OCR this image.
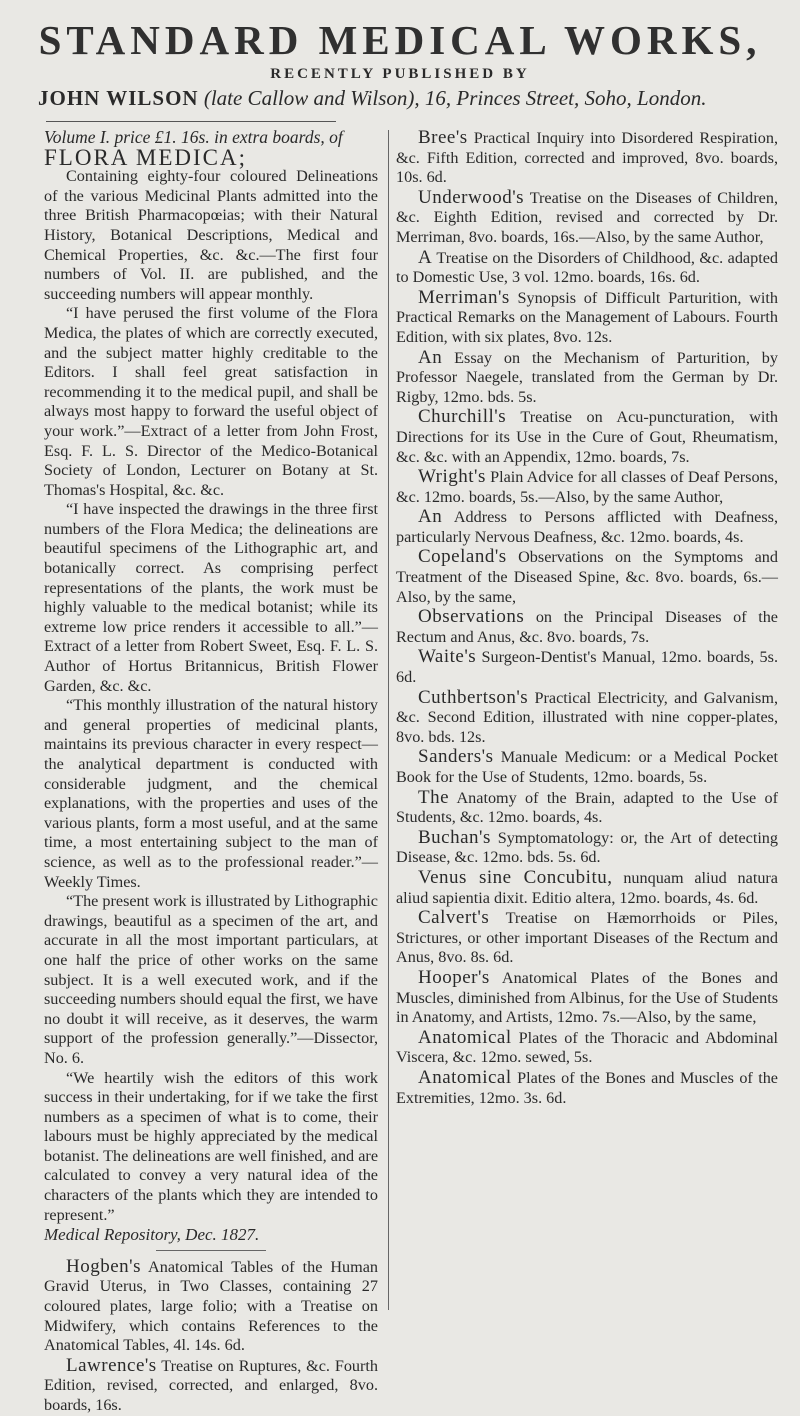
STANDARD MEDICAL WORKS,
RECENTLY PUBLISHED BY
JOHN WILSON (late Callow and Wilson), 16, Princes Street, Soho, London.

Volume I. price £1. 16s. in extra boards, of

FLORA MEDICA;

Containing eighty-four coloured Delineations of the various Medicinal Plants admitted into the three British Pharmacopœias; with their Natural History, Botanical Descriptions, Medical and Chemical Properties, &c. &c.—The first four numbers of Vol. II. are published, and the succeeding numbers will appear monthly.

“I have perused the first volume of the Flora Medica, the plates of which are correctly executed, and the subject matter highly creditable to the Editors. I shall feel great satisfaction in recommending it to the medical pupil, and shall be always most happy to forward the useful object of your work.”—Extract of a letter from John Frost, Esq. F. L. S. Director of the Medico-Botanical Society of London, Lecturer on Botany at St. Thomas's Hospital, &c. &c.

“I have inspected the drawings in the three first numbers of the Flora Medica; the delineations are beautiful specimens of the Lithographic art, and botanically correct. As comprising perfect representations of the plants, the work must be highly valuable to the medical botanist; while its extreme low price renders it accessible to all.”—Extract of a letter from Robert Sweet, Esq. F. L. S. Author of Hortus Britannicus, British Flower Garden, &c. &c.

“This monthly illustration of the natural history and general properties of medicinal plants, maintains its previous character in every respect—the analytical department is conducted with considerable judgment, and the chemical explanations, with the properties and uses of the various plants, form a most useful, and at the same time, a most entertaining subject to the man of science, as well as to the professional reader.”—Weekly Times.

“The present work is illustrated by Lithographic drawings, beautiful as a specimen of the art, and accurate in all the most important particulars, at one half the price of other works on the same subject. It is a well executed work, and if the succeeding numbers should equal the first, we have no doubt it will receive, as it deserves, the warm support of the profession generally.”—Dissector, No. 6.

“We heartily wish the editors of this work success in their undertaking, for if we take the first numbers as a specimen of what is to come, their labours must be highly appreciated by the medical botanist. The delineations are well finished, and are calculated to convey a very natural idea of the characters of the plants which they are intended to represent.”

Medical Repository, Dec. 1827.

Hogben's Anatomical Tables of the Human Gravid Uterus, in Two Classes, containing 27 coloured plates, large folio; with a Treatise on Midwifery, which contains References to the Anatomical Tables, 4l. 14s. 6d.

Lawrence's Treatise on Ruptures, &c. Fourth Edition, revised, corrected, and enlarged, 8vo. boards, 16s.

Bree's Practical Inquiry into Disordered Respiration, &c. Fifth Edition, corrected and improved, 8vo. boards, 10s. 6d.

Underwood's Treatise on the Diseases of Children, &c. Eighth Edition, revised and corrected by Dr. Merriman, 8vo. boards, 16s.—Also, by the same Author,

A Treatise on the Disorders of Childhood, &c. adapted to Domestic Use, 3 vol. 12mo. boards, 16s. 6d.

Merriman's Synopsis of Difficult Parturition, with Practical Remarks on the Management of Labours. Fourth Edition, with six plates, 8vo. 12s.

An Essay on the Mechanism of Parturition, by Professor Naegele, translated from the German by Dr. Rigby, 12mo. bds. 5s.

Churchill's Treatise on Acu-puncturation, with Directions for its Use in the Cure of Gout, Rheumatism, &c. &c. with an Appendix, 12mo. boards, 7s.

Wright's Plain Advice for all classes of Deaf Persons, &c. 12mo. boards, 5s.—Also, by the same Author,

An Address to Persons afflicted with Deafness, particularly Nervous Deafness, &c. 12mo. boards, 4s.

Copeland's Observations on the Symptoms and Treatment of the Diseased Spine, &c. 8vo. boards, 6s.—Also, by the same,

Observations on the Principal Diseases of the Rectum and Anus, &c. 8vo. boards, 7s.

Waite's Surgeon-Dentist's Manual, 12mo. boards, 5s. 6d.

Cuthbertson's Practical Electricity, and Galvanism, &c. Second Edition, illustrated with nine copper-plates, 8vo. bds. 12s.

Sanders's Manuale Medicum: or a Medical Pocket Book for the Use of Students, 12mo. boards, 5s.

The Anatomy of the Brain, adapted to the Use of Students, &c. 12mo. boards, 4s.

Buchan's Symptomatology: or, the Art of detecting Disease, &c. 12mo. bds. 5s. 6d.

Venus sine Concubitu, nunquam aliud natura aliud sapientia dixit. Editio altera, 12mo. boards, 4s. 6d.

Calvert's Treatise on Hæmorrhoids or Piles, Strictures, or other important Diseases of the Rectum and Anus, 8vo. 8s. 6d.

Hooper's Anatomical Plates of the Bones and Muscles, diminished from Albinus, for the Use of Students in Anatomy, and Artists, 12mo. 7s.—Also, by the same,

Anatomical Plates of the Thoracic and Abdominal Viscera, &c. 12mo. sewed, 5s.

Anatomical Plates of the Bones and Muscles of the Extremities, 12mo. 3s. 6d.
